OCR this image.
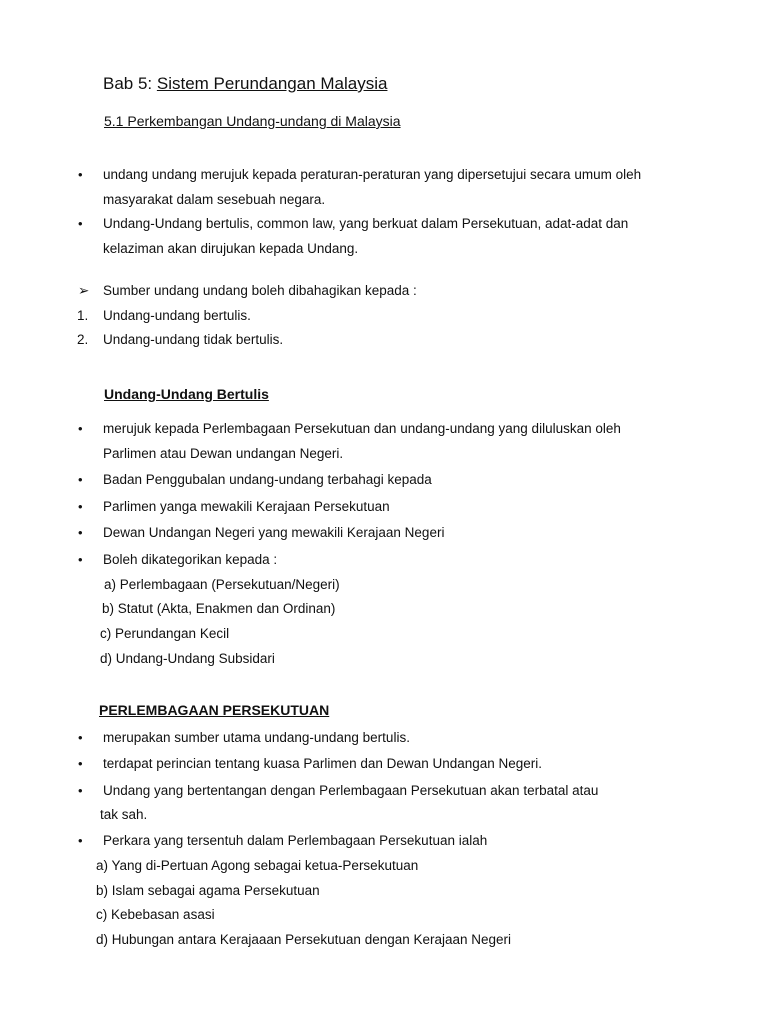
Bab 5: Sistem Perundangan Malaysia
5.1 Perkembangan Undang-undang di Malaysia
• undang undang merujuk kepada peraturan-peraturan yang dipersetujui secara umum oleh
masyarakat dalam sesebuah negara.
• Undang-Undang bertulis, common law, yang berkuat dalam Persekutuan, adat-adat dan
kelaziman akan dirujukan kepada Undang.
➢ Sumber undang undang boleh dibahagikan kepada :
1. Undang-undang bertulis.
2. Undang-undang tidak bertulis.
Undang-Undang Bertulis
• merujuk kepada Perlembagaan Persekutuan dan undang-undang yang diluluskan oleh
Parlimen atau Dewan undangan Negeri.
• Badan Penggubalan undang-undang terbahagi kepada
• Parlimen yanga mewakili Kerajaan Persekutuan
• Dewan Undangan Negeri yang mewakili Kerajaan Negeri
• Boleh dikategorikan kepada :
a) Perlembagaan (Persekutuan/Negeri)
b) Statut (Akta, Enakmen dan Ordinan)
c) Perundangan Kecil
d) Undang-Undang Subsidari
PERLEMBAGAAN PERSEKUTUAN
• merupakan sumber utama undang-undang bertulis.
• terdapat perincian tentang kuasa Parlimen dan Dewan Undangan Negeri.
• Undang yang bertentangan dengan Perlembagaan Persekutuan akan terbatal atau
tak sah.
• Perkara yang tersentuh dalam Perlembagaan Persekutuan ialah
a) Yang di-Pertuan Agong sebagai ketua-Persekutuan
b) Islam sebagai agama Persekutuan
c) Kebebasan asasi
d) Hubungan antara Kerajaaan Persekutuan dengan Kerajaan Negeri
